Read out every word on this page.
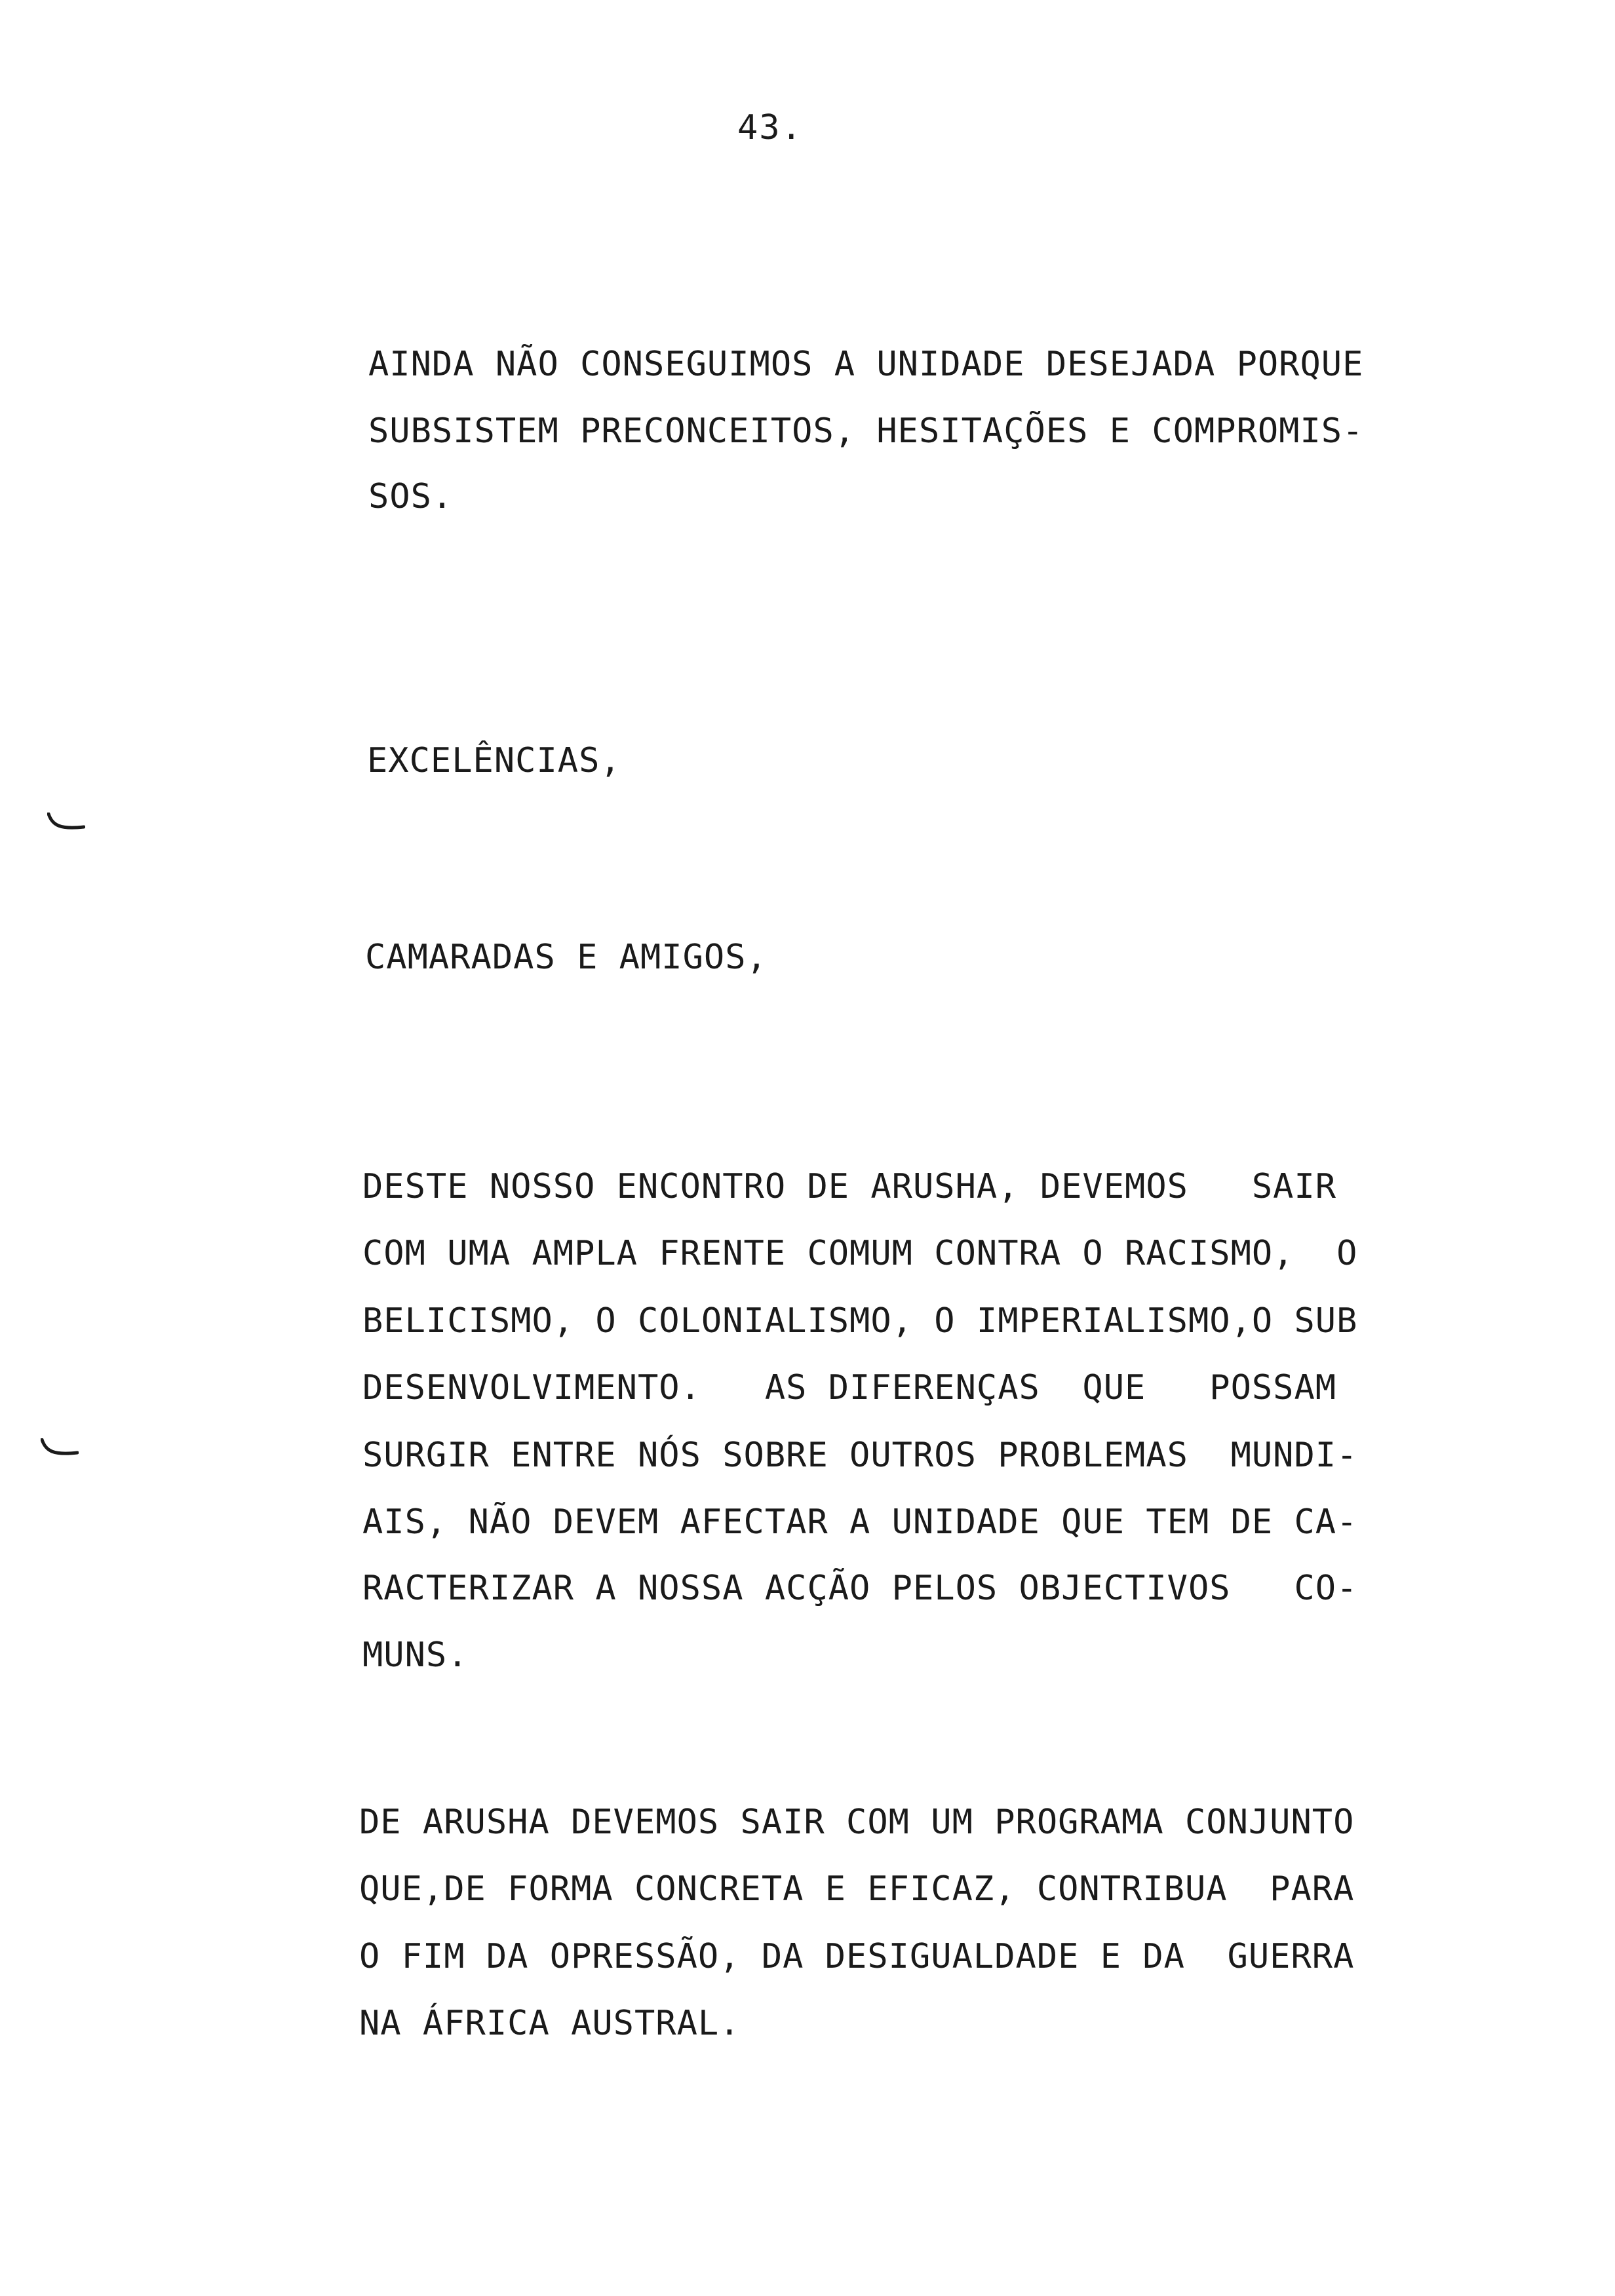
43.
AINDA NÃO CONSEGUIMOS A UNIDADE DESEJADA PORQUE
SUBSISTEM PRECONCEITOS, HESITAÇÕES E COMPROMIS-
SOS.
EXCELÊNCIAS,
CAMARADAS E AMIGOS,
DESTE NOSSO ENCONTRO DE ARUSHA, DEVEMOS   SAIR
COM UMA AMPLA FRENTE COMUM CONTRA O RACISMO,  O
BELICISMO, O COLONIALISMO, O IMPERIALISMO,O SUB
DESENVOLVIMENTO.   AS DIFERENÇAS  QUE   POSSAM
SURGIR ENTRE NÓS SOBRE OUTROS PROBLEMAS  MUNDI-
AIS, NÃO DEVEM AFECTAR A UNIDADE QUE TEM DE CA-
RACTERIZAR A NOSSA ACÇÃO PELOS OBJECTIVOS   CO-
MUNS.
DE ARUSHA DEVEMOS SAIR COM UM PROGRAMA CONJUNTO
QUE,DE FORMA CONCRETA E EFICAZ, CONTRIBUA  PARA
O FIM DA OPRESSÃO, DA DESIGUALDADE E DA  GUERRA
NA ÁFRICA AUSTRAL.
